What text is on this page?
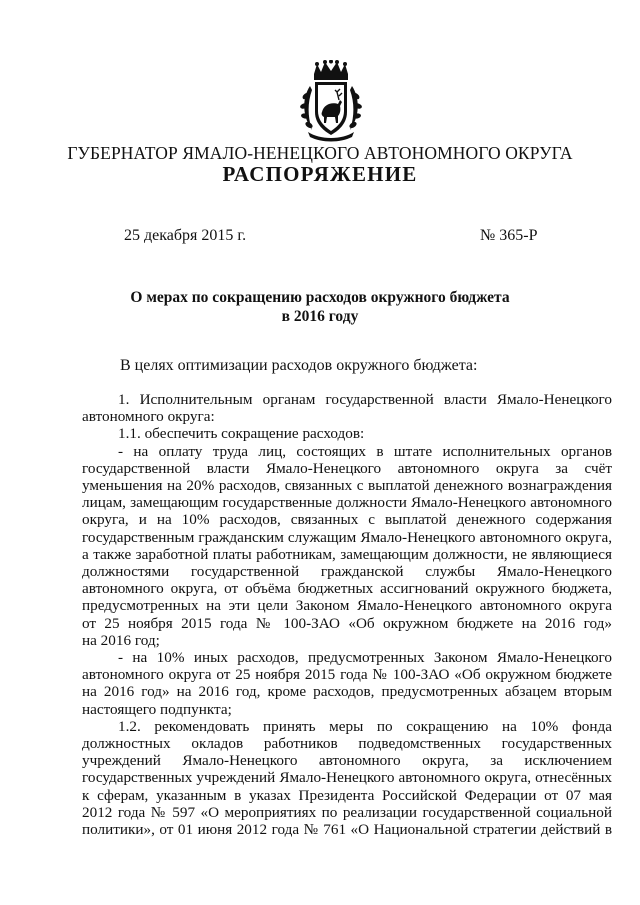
ГУБЕРНАТОР ЯМАЛО-НЕНЕЦКОГО АВТОНОМНОГО ОКРУГА
РАСПОРЯЖЕНИЕ
25 декабря 2015 г.	№ 365-Р
О мерах по сокращению расходов окружного бюджета
в 2016 году
В целях оптимизации расходов окружного бюджета:
1. Исполнительным органам государственной власти Ямало-Ненецкого
автономного округа:
1.1. обеспечить сокращение расходов:
- на оплату труда лиц, состоящих в штате исполнительных органов
государственной власти Ямало-Ненецкого автономного округа за счёт
уменьшения на 20% расходов, связанных с выплатой денежного вознаграждения
лицам, замещающим государственные должности Ямало-Ненецкого автономного
округа, и на 10% расходов, связанных с выплатой денежного содержания
государственным гражданским служащим Ямало-Ненецкого автономного округа,
а также заработной платы работникам, замещающим должности, не являющиеся
должностями государственной гражданской службы Ямало-Ненецкого
автономного округа, от объёма бюджетных ассигнований окружного бюджета,
предусмотренных на эти цели Законом Ямало-Ненецкого автономного округа
от 25 ноября 2015 года № 100-ЗАО «Об окружном бюджете на 2016 год»
на 2016 год;
- на 10% иных расходов, предусмотренных Законом Ямало-Ненецкого
автономного округа от 25 ноября 2015 года № 100-ЗАО «Об окружном бюджете
на 2016 год» на 2016 год, кроме расходов, предусмотренных абзацем вторым
настоящего подпункта;
1.2. рекомендовать принять меры по сокращению на 10% фонда
должностных окладов работников подведомственных государственных
учреждений Ямало-Ненецкого автономного округа, за исключением
государственных учреждений Ямало-Ненецкого автономного округа, отнесённых
к сферам, указанным в указах Президента Российской Федерации от 07 мая
2012 года № 597 «О мероприятиях по реализации государственной социальной
политики», от 01 июня 2012 года № 761 «О Национальной стратегии действий в
